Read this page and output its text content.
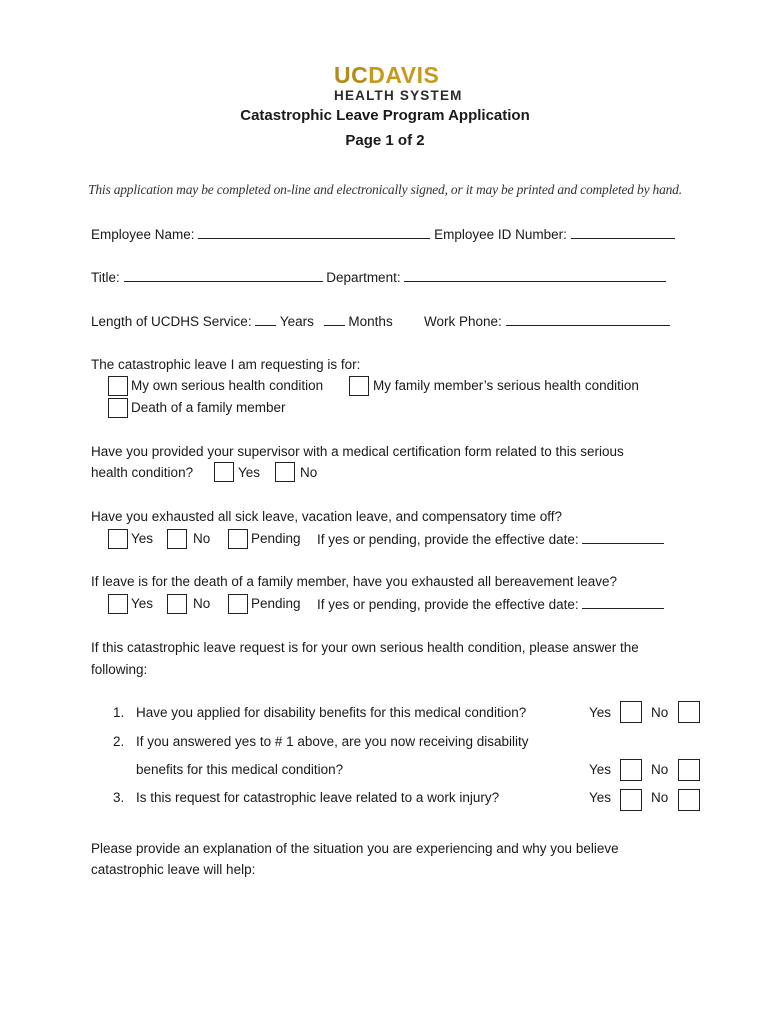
UCDAVIS
HEALTH SYSTEM
Catastrophic Leave Program Application
Page 1 of 2
This application may be completed on-line and electronically signed, or it may be printed and completed by hand.
Employee Name:	Employee ID Number:
Title:	Department:
Length of UCDHS Service: Years	Months Work Phone:
The catastrophic leave I am requesting is for:
My own serious health condition	My family member’s serious health condition
Death of a family member
Have you provided your supervisor with a medical certification form related to this serious
health condition?	Yes	No
Have you exhausted all sick leave, vacation leave, and compensatory time off?
Yes	No	Pending If yes or pending, provide the effective date:
If leave is for the death of a family member, have you exhausted all bereavement leave?
Yes	No	Pending If yes or pending, provide the effective date:
If this catastrophic leave request is for your own serious health condition, please answer the
following:
1. Have you applied for disability benefits for this medical condition?	Yes	No
2. If you answered yes to # 1 above, are you now receiving disability
benefits for this medical condition?	Yes	No
3. Is this request for catastrophic leave related to a work injury?	Yes	No
Please provide an explanation of the situation you are experiencing and why you believe
catastrophic leave will help:
